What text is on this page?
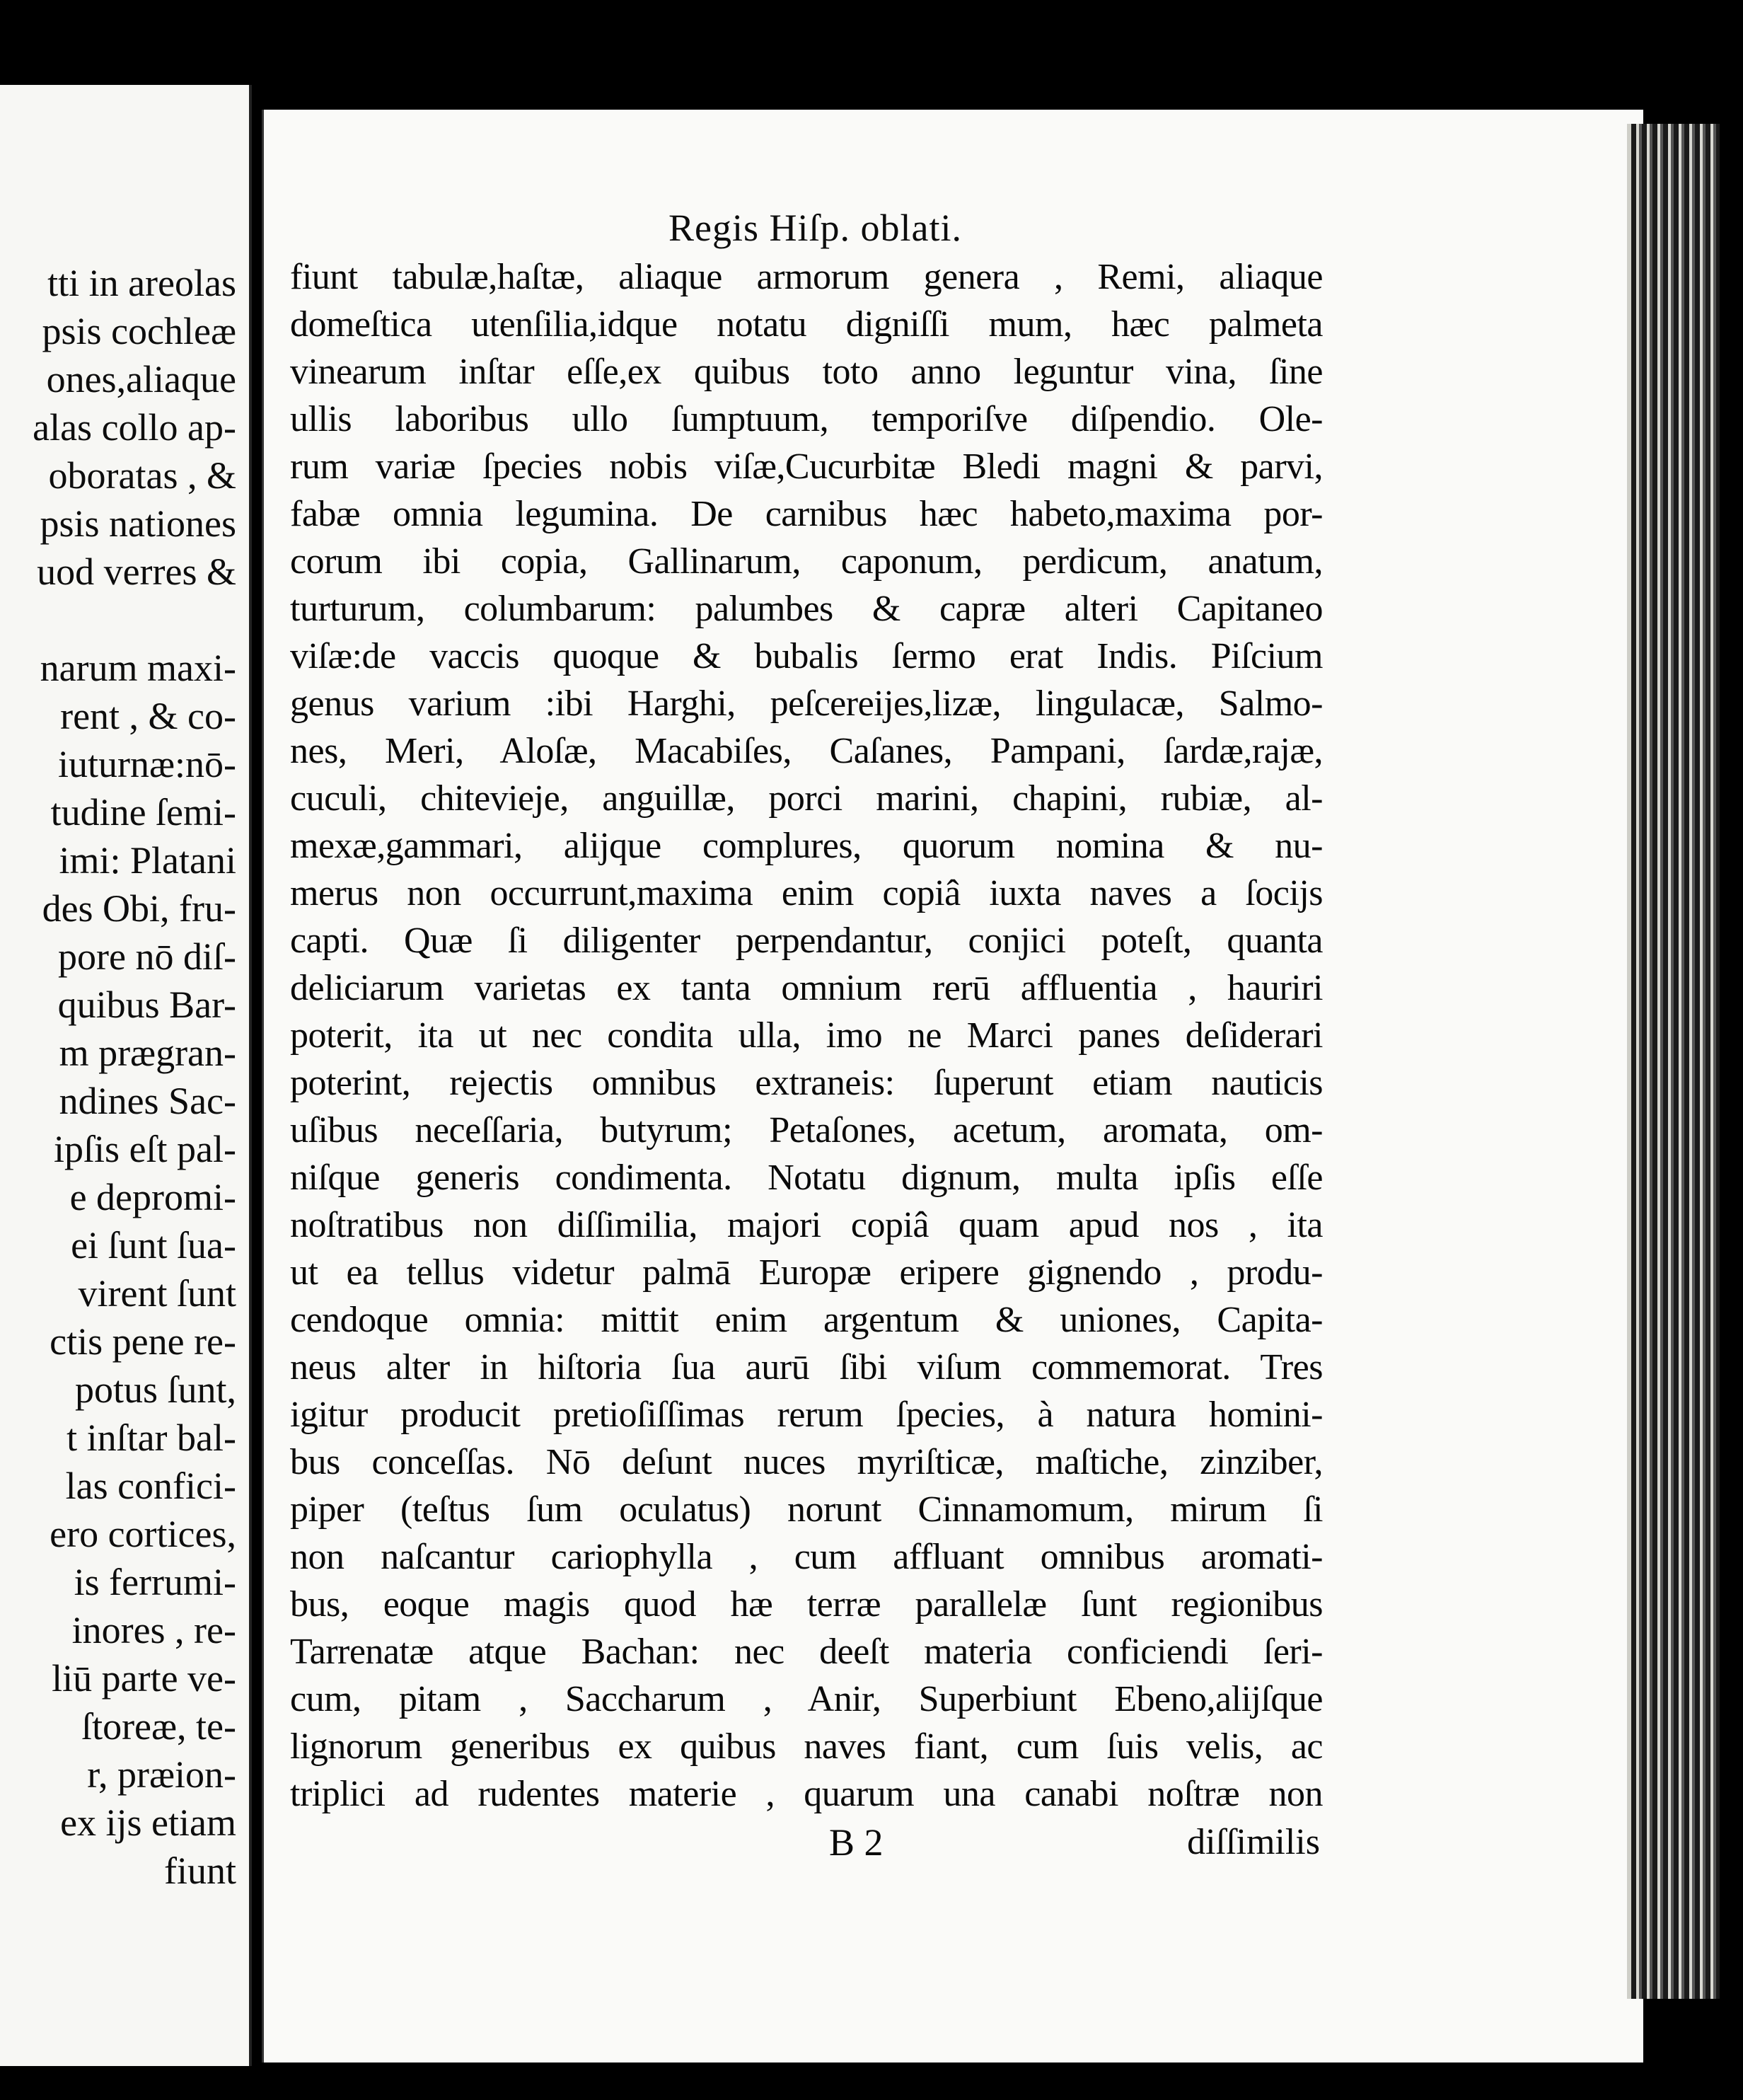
tti in areolas

psis cochleæ

ones,aliaque

alas collo ap-

oboratas , &

psis nationes

uod verres &

narum maxi-

rent , & co-

iuturnæ:nō-

tudine ſemi-

imi: Platani

des Obi, fru-

pore nō diſ-

quibus Bar-

m prægran-

ndines Sac-

ipſis eſt pal-

e depromi-

ei ſunt ſua-

virent ſunt

ctis pene re-

potus ſunt,

t inſtar bal-

las confici-

ero cortices,

is ferrumi-

inores , re-

liū parte ve-

ſtoreæ, te-

r, præion-

ex ijs etiam

fiunt

Regis Hiſp. oblati.

fiunt tabulæ,haſtæ, aliaque armorum genera , Remi, aliaque

domeſtica utenſilia,idque notatu digniſſi mum, hæc palmeta

vinearum inſtar eſſe,ex quibus toto anno leguntur vina, ſine

ullis laboribus ullo ſumptuum, temporiſve diſpendio. Ole-

rum variæ ſpecies nobis viſæ,Cucurbitæ Bledi magni & parvi,

fabæ omnia legumina. De carnibus hæc habeto,maxima por-

corum ibi copia, Gallinarum, caponum, perdicum, anatum,

turturum, columbarum: palumbes & capræ alteri Capitaneo

viſæ:de vaccis quoque & bubalis ſermo erat Indis. Piſcium

genus varium :ibi Harghi, peſcereijes,lizæ, lingulacæ, Salmo-

nes, Meri, Aloſæ, Macabiſes, Caſanes, Pampani, ſardæ,rajæ,

cuculi, chitevieje, anguillæ, porci marini, chapini, rubiæ, al-

mexæ,gammari, alijque complures, quorum nomina & nu-

merus non occurrunt,maxima enim copiâ iuxta naves a ſocijs

capti. Quæ ſi diligenter perpendantur, conjici poteſt, quanta

deliciarum varietas ex tanta omnium rerū affluentia , hauriri

poterit, ita ut nec condita ulla, imo ne Marci panes deſiderari

poterint, rejectis omnibus extraneis: ſuperunt etiam nauticis

uſibus neceſſaria, butyrum; Petaſones, acetum, aromata, om-

niſque generis condimenta. Notatu dignum, multa ipſis eſſe

noſtratibus non diſſimilia, majori copiâ quam apud nos , ita

ut ea tellus videtur palmā Europæ eripere gignendo , produ-

cendoque omnia: mittit enim argentum & uniones, Capita-

neus alter in hiſtoria ſua aurū ſibi viſum commemorat. Tres

igitur producit pretioſiſſimas rerum ſpecies, à natura homini-

bus conceſſas. Nō deſunt nuces myriſticæ, maſtiche, zinziber,

piper (teſtus ſum oculatus) norunt Cinnamomum, mirum ſi

non naſcantur cariophylla , cum affluant omnibus aromati-

bus, eoque magis quod hæ terræ parallelæ ſunt regionibus

Tarrenatæ atque Bachan: nec deeſt materia conficiendi ſeri-

cum, pitam , Saccharum , Anir, Superbiunt Ebeno,alijſque

lignorum generibus ex quibus naves fiant, cum ſuis velis, ac

triplici ad rudentes materie , quarum una canabi noſtræ non

B 2	diſſimilis
